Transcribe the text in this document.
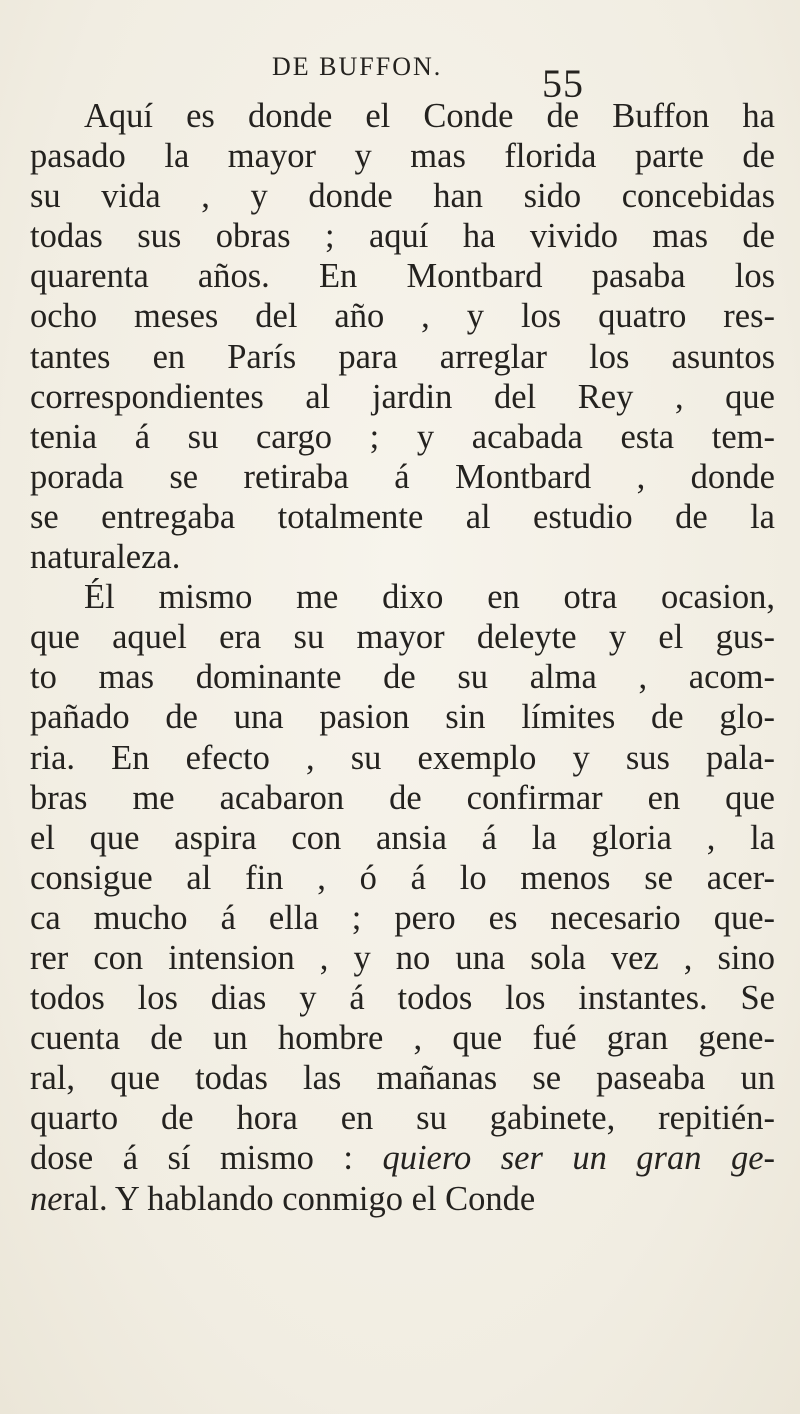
DE BUFFON. 55
Aquí es donde el Conde de Buffon ha
pasado la mayor y mas florida parte de
su vida , y donde han sido concebidas
todas sus obras ; aquí ha vivido mas de
quarenta años. En Montbard pasaba los
ocho meses del año , y los quatro res-
tantes en París para arreglar los asuntos
correspondientes al jardin del Rey , que
tenia á su cargo ; y acabada esta tem-
porada se retiraba á Montbard , donde
se entregaba totalmente al estudio de la
naturaleza.
Él mismo me dixo en otra ocasion,
que aquel era su mayor deleyte y el gus-
to mas dominante de su alma , acom-
pañado de una pasion sin límites de glo-
ria. En efecto , su exemplo y sus pala-
bras me acabaron de confirmar en que
el que aspira con ansia á la gloria , la
consigue al fin , ó á lo menos se acer-
ca mucho á ella ; pero es necesario que-
rer con intension , y no una sola vez , sino
todos los dias y á todos los instantes. Se
cuenta de un hombre , que fué gran gene-
ral, que todas las mañanas se paseaba un
quarto de hora en su gabinete, repitién-
dose á sí mismo : quiero ser un gran ge-
neral. Y hablando conmigo el Conde
